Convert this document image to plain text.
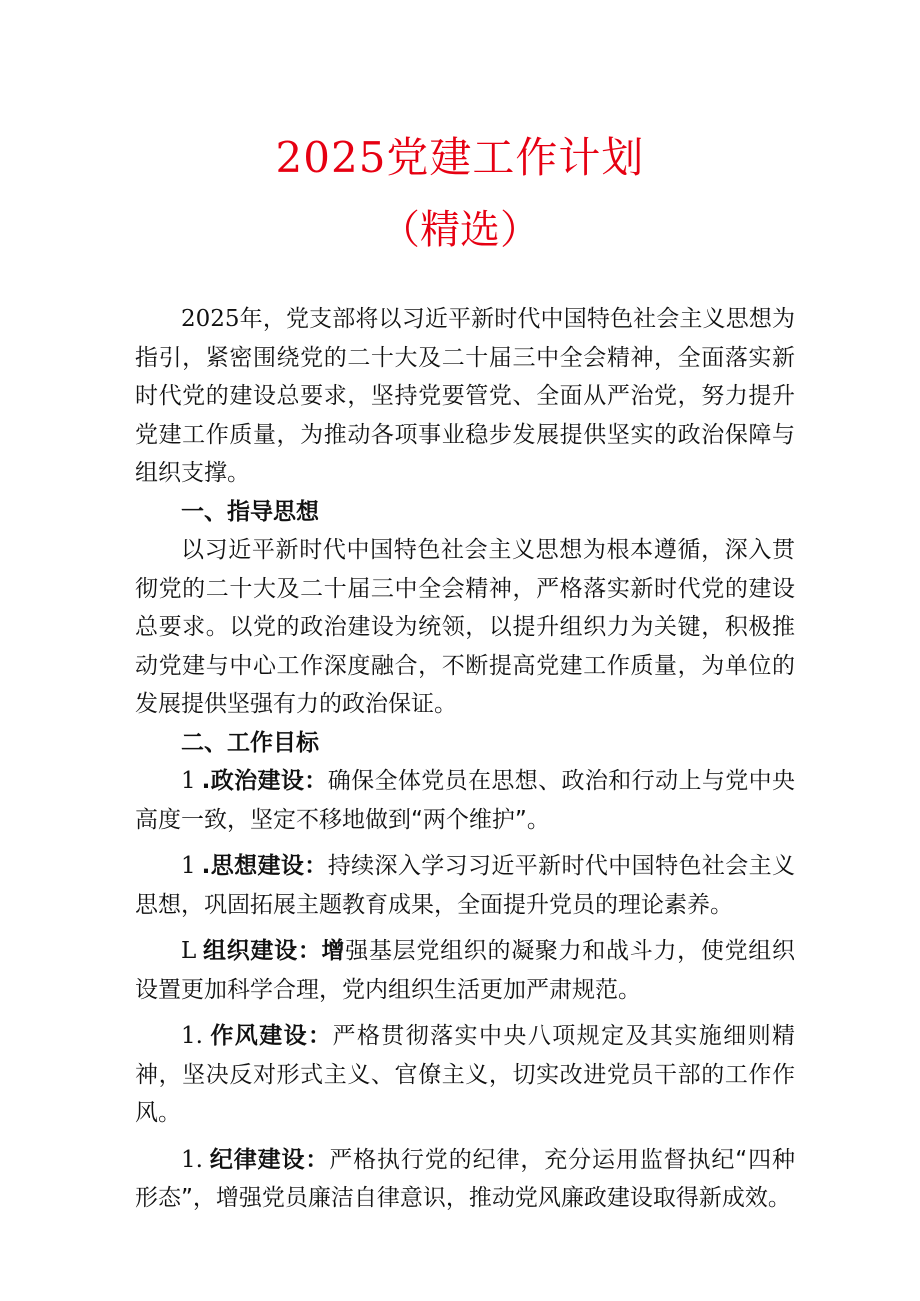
2025党建工作计划
（精选）

2025年，党支部将以习近平新时代中国特色社会主义思想为指引，紧密围绕党的二十大及二十届三中全会精神，全面落实新时代党的建设总要求，坚持党要管党、全面从严治党，努力提升党建工作质量，为推动各项事业稳步发展提供坚实的政治保障与组织支撑。

一、指导思想

以习近平新时代中国特色社会主义思想为根本遵循，深入贯彻党的二十大及二十届三中全会精神，严格落实新时代党的建设总要求。以党的政治建设为统领，以提升组织力为关键，积极推动党建与中心工作深度融合，不断提高党建工作质量，为单位的发展提供坚强有力的政治保证。

二、工作目标

1 .政治建设：确保全体党员在思想、政治和行动上与党中央高度一致，坚定不移地做到“两个维护”。

1 .思想建设：持续深入学习习近平新时代中国特色社会主义思想，巩固拓展主题教育成果，全面提升党员的理论素养。

L 组织建设：增强基层党组织的凝聚力和战斗力，使党组织设置更加科学合理，党内组织生活更加严肃规范。

1. 作风建设：严格贯彻落实中央八项规定及其实施细则精神，坚决反对形式主义、官僚主义，切实改进党员干部的工作作风。

1. 纪律建设：严格执行党的纪律，充分运用监督执纪“四种形态”，增强党员廉洁自律意识，推动党风廉政建设取得新成效。
